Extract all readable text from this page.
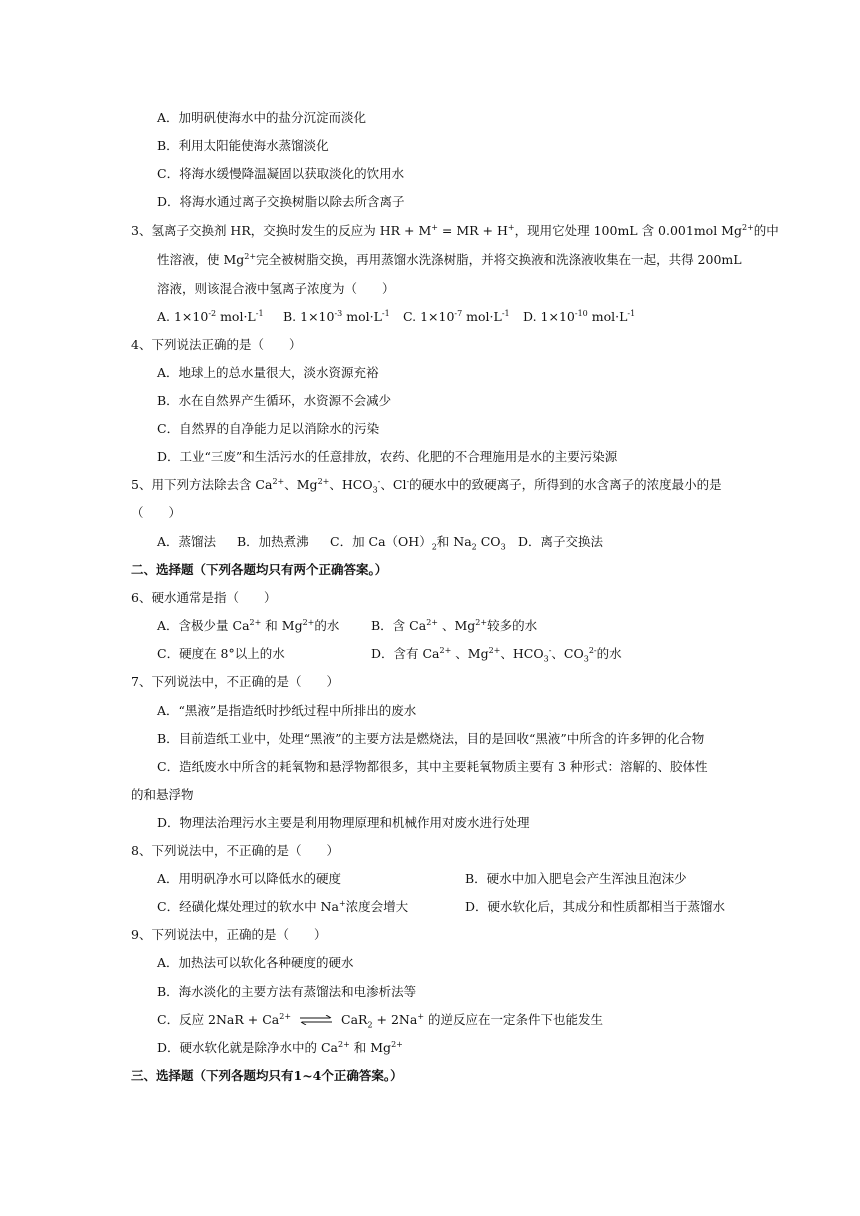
A．加明矾使海水中的盐分沉淀而淡化
B．利用太阳能使海水蒸馏淡化
C．将海水缓慢降温凝固以获取淡化的饮用水
D．将海水通过离子交换树脂以除去所含离子
3、氢离子交换剂 HR，交换时发生的反应为 HR + M+ = MR + H+，现用它处理 100mL 含 0.001mol $Mg^{2+}$的中
性溶液，使 $Mg^{2+}$完全被树脂交换，再用蒸馏水洗涤树脂，并将交换液和洗涤液收集在一起，共得 200mL
溶液，则该混合液中氢离子浓度为（　　）
A. $1\times 10^{-2}$ $mol\cdot L^{-1}$ B. $1\times 10^{-3}$ $mol\cdot L^{-1}$ C. $1\times 10^{-7}$ $mol\cdot L^{-1}$ D. $1\times 10^{-10}$ $mol\cdot L^{-1}$
4、下列说法正确的是（　　）
A．地球上的总水量很大，淡水资源充裕
B．水在自然界产生循环，水资源不会减少
C．自然界的自净能力足以消除水的污染
D．工业“三废”和生活污水的任意排放，农药、化肥的不合理施用是水的主要污染源
5、用下列方法除去含 $Ca^{2+}$、$Mg^{2+}$、$HCO_3^-$、Cl-的硬水中的致硬离子，所得到的水含离子的浓度最小的是
（　　）
A．蒸馏法 B．加热煮沸 C．加 $Ca(OH)_2$和 $Na_2$ $CO_3$ D．离子交换法
二、选择题（下列各题均只有两个正确答案。）
6、硬水通常是指（　　）
A．含极少量 $Ca^{2+}$ 和 $Mg^{2+}$的水	B．含 $Ca^{2+}$ 、$Mg^{2+}$较多的水
C．硬度在 8°以上的水	D．含有 $Ca^{2+}$ 、$Mg^{2+}$、$HCO_3^-$、$CO_3^{2-}$的水
7、下列说法中，不正确的是（　　）
A．“黑液”是指造纸时抄纸过程中所排出的废水
B．目前造纸工业中，处理“黑液”的主要方法是燃烧法，目的是回收“黑液”中所含的许多钾的化合物
C．造纸废水中所含的耗氧物和悬浮物都很多，其中主要耗氧物质主要有 3 种形式：溶解的、胶体性
的和悬浮物
D．物理法治理污水主要是利用物理原理和机械作用对废水进行处理
8、下列说法中，不正确的是（　　）
A．用明矾净水可以降低水的硬度	B．硬水中加入肥皂会产生浑浊且泡沫少
C．经磺化煤处理过的软水中 Na+浓度会增大	D．硬水软化后，其成分和性质都相当于蒸馏水
9、下列说法中，正确的是（　　）
A．加热法可以软化各种硬度的硬水
B．海水淡化的主要方法有蒸馏法和电渗析法等
C．反应 $2NaR + Ca^{2+}$ ⇌ CaR$_2$ + 2Na+ 的逆反应在一定条件下也能发生
D．硬水软化就是除净水中的 $Ca^{2+}$ 和 $Mg^{2+}$
三、选择题（下列各题均只有1~4个正确答案。）
